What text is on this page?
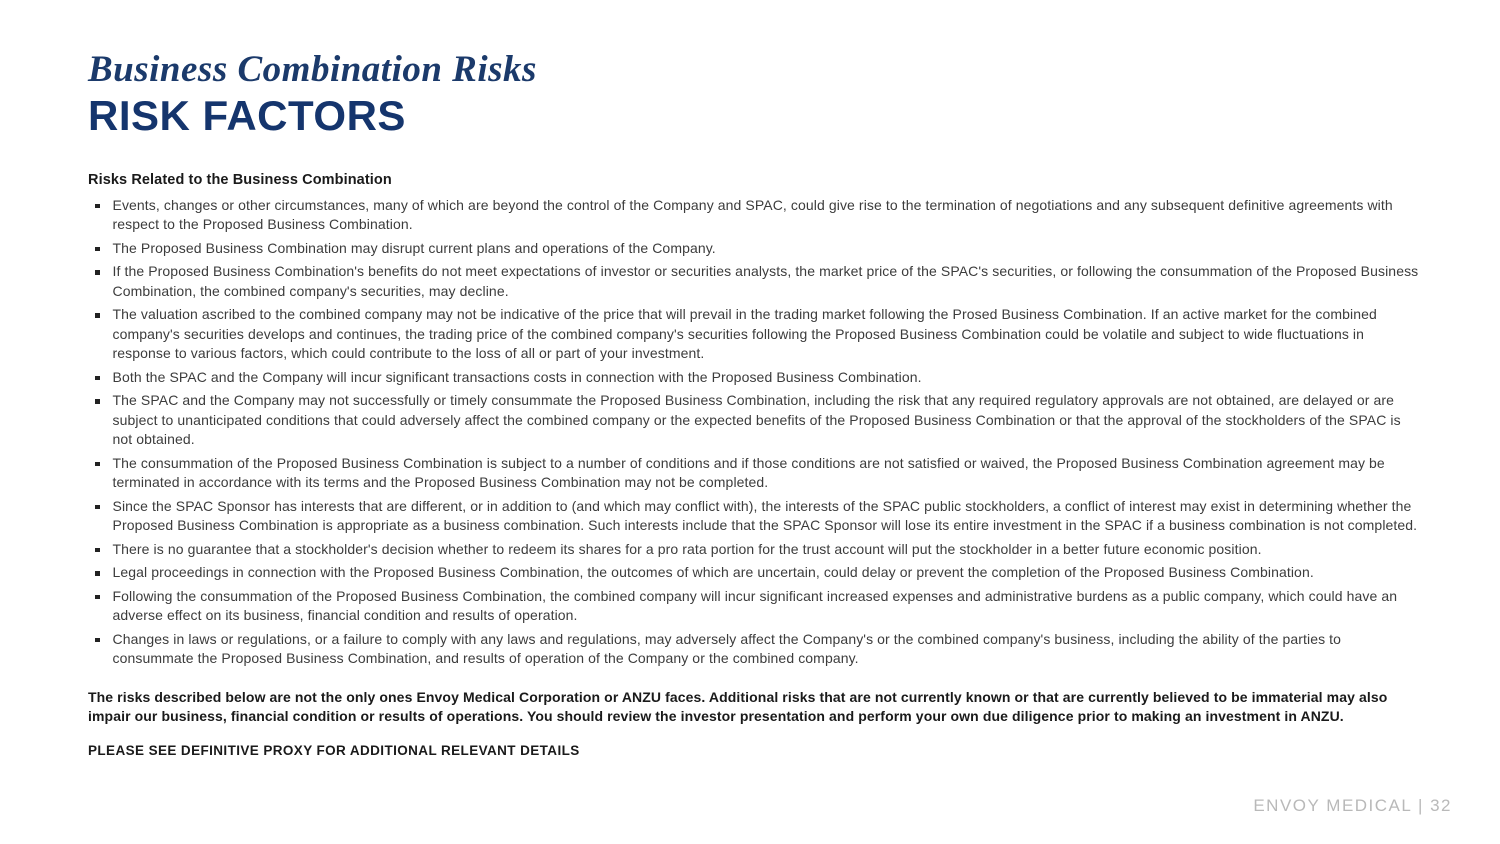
Business Combination Risks
RISK FACTORS
Risks Related to the Business Combination
Events, changes or other circumstances, many of which are beyond the control of the Company and SPAC, could give rise to the termination of negotiations and any subsequent definitive agreements with respect to the Proposed Business Combination.
The Proposed Business Combination may disrupt current plans and operations of the Company.
If the Proposed Business Combination's benefits do not meet expectations of investor or securities analysts, the market price of the SPAC's securities, or following the consummation of the Proposed Business Combination, the combined company's securities, may decline.
The valuation ascribed to the combined company may not be indicative of the price that will prevail in the trading market following the Prosed Business Combination. If an active market for the combined company's securities develops and continues, the trading price of the combined company's securities following the Proposed Business Combination could be volatile and subject to wide fluctuations in response to various factors, which could contribute to the loss of all or part of your investment.
Both the SPAC and the Company will incur significant transactions costs in connection with the Proposed Business Combination.
The SPAC and the Company may not successfully or timely consummate the Proposed Business Combination, including the risk that any required regulatory approvals are not obtained, are delayed or are subject to unanticipated conditions that could adversely affect the combined company or the expected benefits of the Proposed Business Combination or that the approval of the stockholders of the SPAC is not obtained.
The consummation of the Proposed Business Combination is subject to a number of conditions and if those conditions are not satisfied or waived, the Proposed Business Combination agreement may be terminated in accordance with its terms and the Proposed Business Combination may not be completed.
Since the SPAC Sponsor has interests that are different, or in addition to (and which may conflict with), the interests of the SPAC public stockholders, a conflict of interest may exist in determining whether the Proposed Business Combination is appropriate as a business combination. Such interests include that the SPAC Sponsor will lose its entire investment in the SPAC if a business combination is not completed.
There is no guarantee that a stockholder's decision whether to redeem its shares for a pro rata portion for the trust account will put the stockholder in a better future economic position.
Legal proceedings in connection with the Proposed Business Combination, the outcomes of which are uncertain, could delay or prevent the completion of the Proposed Business Combination.
Following the consummation of the Proposed Business Combination, the combined company will incur significant increased expenses and administrative burdens as a public company, which could have an adverse effect on its business, financial condition and results of operation.
Changes in laws or regulations, or a failure to comply with any laws and regulations, may adversely affect the Company's or the combined company's business, including the ability of the parties to consummate the Proposed Business Combination, and results of operation of the Company or the combined company.
The risks described below are not the only ones Envoy Medical Corporation or ANZU faces. Additional risks that are not currently known or that are currently believed to be immaterial may also impair our business, financial condition or results of operations. You should review the investor presentation and perform your own due diligence prior to making an investment in ANZU.
PLEASE SEE DEFINITIVE PROXY FOR ADDITIONAL RELEVANT DETAILS
ENVOY MEDICAL | 32
